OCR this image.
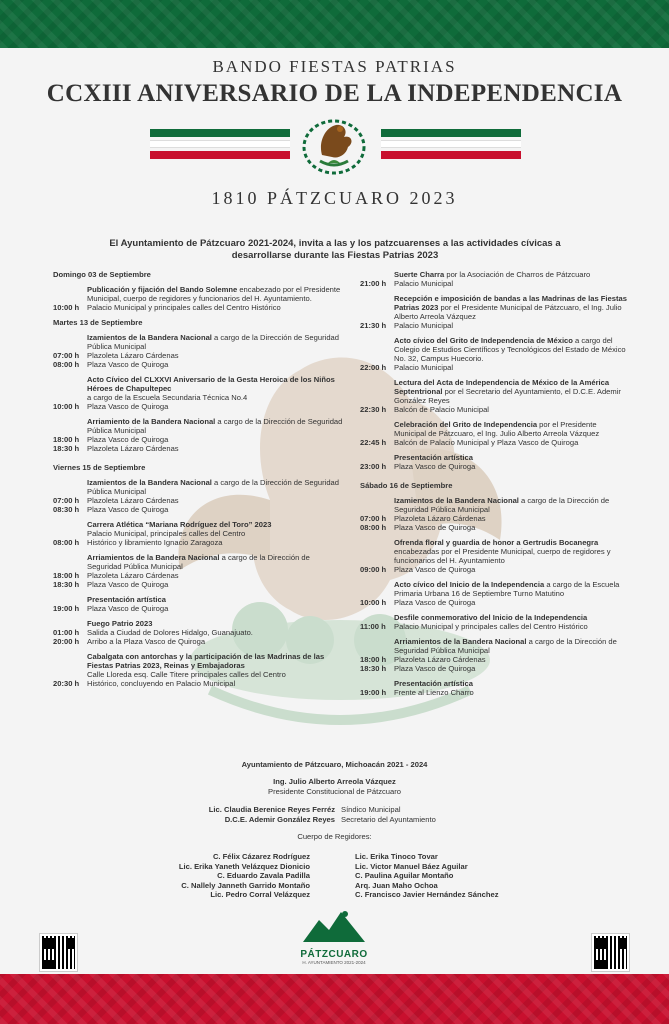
BANDO FIESTAS PATRIAS
CCXIII ANIVERSARIO DE LA INDEPENDENCIA
1810 PÁTZCUARO 2023
El Ayuntamiento de Pátzcuaro 2021-2024, invita a las y los patzcuarenses a las actividades cívicas a desarrollarse durante las Fiestas Patrias 2023
Domingo 03 de Septiembre
10:00 h
Publicación y fijación del Bando Solemne encabezado por el Presidente Municipal, cuerpo de regidores y funcionarios del H. Ayuntamiento.
Palacio Municipal y principales calles del Centro Histórico
Martes 13 de Septiembre
07:00 h
08:00 h
Izamientos de la Bandera Nacional a cargo de la Dirección de Seguridad Pública Municipal
Plazoleta Lázaro Cárdenas
Plaza Vasco de Quiroga
10:00 h
Acto Cívico del CLXXVI Aniversario de la Gesta Heroica de los Niños Héroes de Chapultepec
a cargo de la Escuela Secundaria Técnica No.4
Plaza Vasco de Quiroga
18:00 h
18:30 h
Arriamiento de la Bandera Nacional a cargo de la Dirección de Seguridad Pública Municipal
Plaza Vasco de Quiroga
Plazoleta Lázaro Cárdenas
Viernes 15 de Septiembre
07:00 h
08:30 h
Izamientos de la Bandera Nacional a cargo de la Dirección de Seguridad Pública Municipal
Plazoleta Lázaro Cárdenas
Plaza Vasco de Quiroga
08:00 h
Carrera Atlética “Mariana Rodríguez del Toro” 2023
Palacio Municipal, principales calles del Centro
Histórico y libramiento Ignacio Zaragoza
18:00 h
18:30 h
Arriamientos de la Bandera Nacional a cargo de la Dirección de Seguridad Pública Municipal
Plazoleta Lázaro Cárdenas
Plaza Vasco de Quiroga
19:00 h
Presentación artística
Plaza Vasco de Quiroga
01:00 h
20:00 h
Fuego Patrio 2023
Salida a Ciudad de Dolores Hidalgo, Guanajuato.
Arribo a la Plaza Vasco de Quiroga
20:30 h
Cabalgata con antorchas y la participación de las Madrinas de las Fiestas Patrias 2023, Reinas y Embajadoras
Calle Lloreda esq. Calle Titere principales calles del Centro
Histórico, concluyendo en Palacio Municipal
21:00 h
Suerte Charra por la Asociación de Charros de Pátzcuaro
Palacio Municipal
21:30 h
Recepción e imposición de bandas a las Madrinas de las Fiestas Patrias 2023 por el Presidente Municipal de Pátzcuaro, el Ing. Julio Alberto Arreola Vázquez
Palacio Municipal
22:00 h
Acto cívico del Grito de Independencia de México a cargo del Colegio de Estudios Científicos y Tecnológicos del Estado de México No. 32, Campus Huecorio.
Palacio Municipal
22:30 h
Lectura del Acta de Independencia de México de la América Septentrional por el Secretario del Ayuntamiento, el D.C.E. Ademir González Reyes
Balcón de Palacio Municipal
22:45 h
Celebración del Grito de Independencia por el Presidente Municipal de Pátzcuaro, el Ing. Julio Alberto Arreola Vázquez
Balcón de Palacio Municipal y Plaza Vasco de Quiroga
23:00 h
Presentación artística
Plaza Vasco de Quiroga
Sábado 16 de Septiembre
07:00 h
08:00 h
Izamientos de la Bandera Nacional a cargo de la Dirección de Seguridad Pública Municipal
Plazoleta Lázaro Cárdenas
Plaza Vasco de Quiroga
09:00 h
Ofrenda floral y guardia de honor a Gertrudis Bocanegra encabezadas por el Presidente Municipal, cuerpo de regidores y funcionarios del H. Ayuntamiento
Plaza Vasco de Quiroga
10:00 h
Acto cívico del Inicio de la Independencia a cargo de la Escuela Primaria Urbana 16 de Septiembre Turno Matutino
Plaza Vasco de Quiroga
11:00 h
Desfile conmemorativo del Inicio de la Independencia
Palacio Municipal y principales calles del Centro Histórico
18:00 h
18:30 h
Arriamientos de la Bandera Nacional a cargo de la Dirección de Seguridad Pública Municipal
Plazoleta Lázaro Cárdenas
Plaza Vasco de Quiroga
19:00 h
Presentación artística
Frente al Lienzo Charro
Ayuntamiento de Pátzcuaro, Michoacán 2021 - 2024
Ing. Julio Alberto Arreola Vázquez
Presidente Constitucional de Pátzcuaro
Lic. Claudia Berenice Reyes Ferréz
D.C.E. Ademir González Reyes
Síndico Municipal
Secretario del Ayuntamiento
Cuerpo de Regidores:
C. Félix Cázarez Rodríguez
Lic. Erika Yaneth Velázquez Dionicio
C. Eduardo Zavala Padilla
C. Nallely Janneth Garrido Montaño
Lic. Pedro Corral Velázquez
Lic. Erika Tinoco Tovar
Lic. Victor Manuel Báez Aguilar
C. Paulina Aguilar Montaño
Arq. Juan Maho Ochoa
C. Francisco Javier Hernández Sánchez
PÁTZCUARO
H. AYUNTAMIENTO 2021-2024
